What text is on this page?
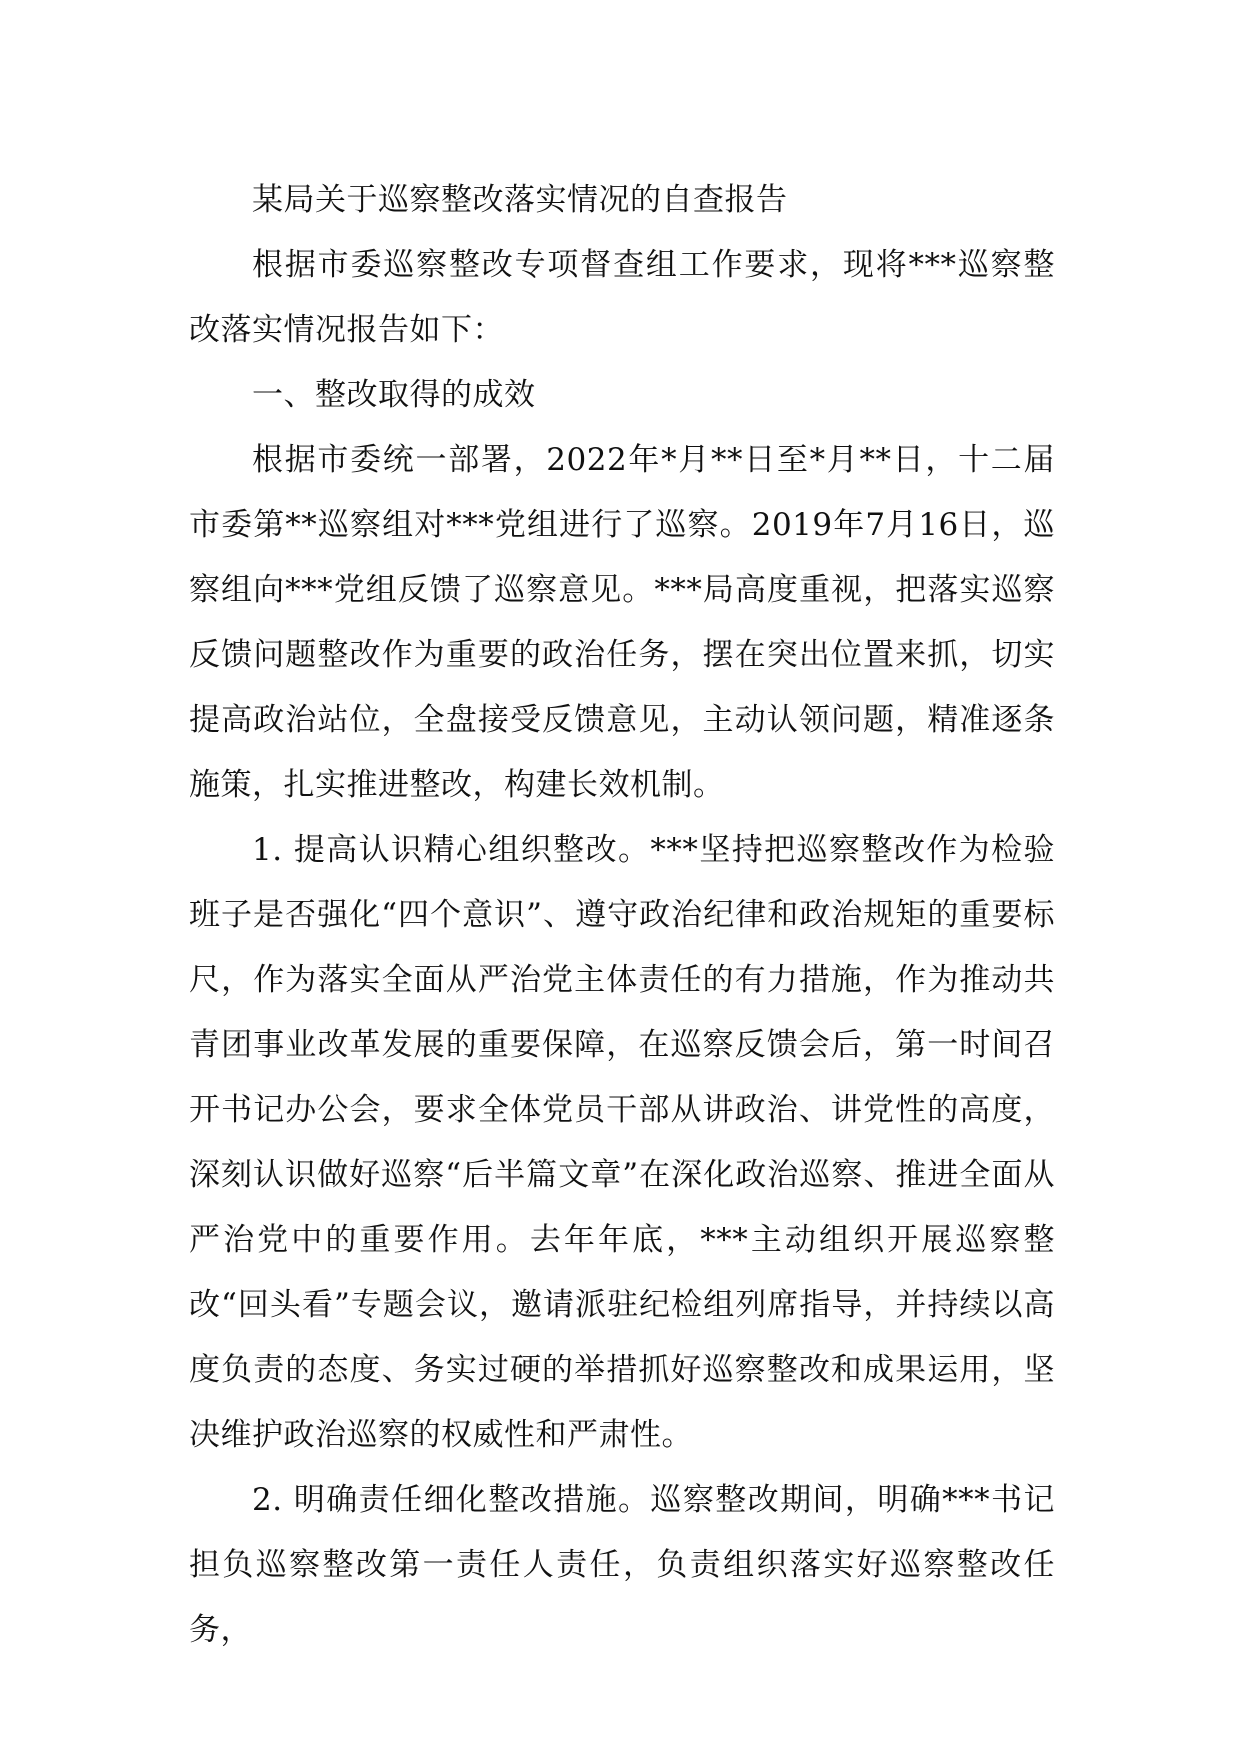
某局关于巡察整改落实情况的自查报告

根据市委巡察整改专项督查组工作要求，现将***巡察整改落实情况报告如下：

一、整改取得的成效

根据市委统一部署，2022年*月**日至*月**日，十二届市委第**巡察组对***党组进行了巡察。2019年7月16日，巡察组向***党组反馈了巡察意见。***局高度重视，把落实巡察反馈问题整改作为重要的政治任务，摆在突出位置来抓，切实提高政治站位，全盘接受反馈意见，主动认领问题，精准逐条施策，扎实推进整改，构建长效机制。

1. 提高认识精心组织整改。***坚持把巡察整改作为检验班子是否强化“四个意识”、遵守政治纪律和政治规矩的重要标尺，作为落实全面从严治党主体责任的有力措施，作为推动共青团事业改革发展的重要保障，在巡察反馈会后，第一时间召开书记办公会，要求全体党员干部从讲政治、讲党性的高度，深刻认识做好巡察“后半篇文章”在深化政治巡察、推进全面从严治党中的重要作用。去年年底，***主动组织开展巡察整改“回头看”专题会议，邀请派驻纪检组列席指导，并持续以高度负责的态度、务实过硬的举措抓好巡察整改和成果运用，坚决维护政治巡察的权威性和严肃性。

2. 明确责任细化整改措施。巡察整改期间，明确***书记担负巡察整改第一责任人责任，负责组织落实好巡察整改任务，
